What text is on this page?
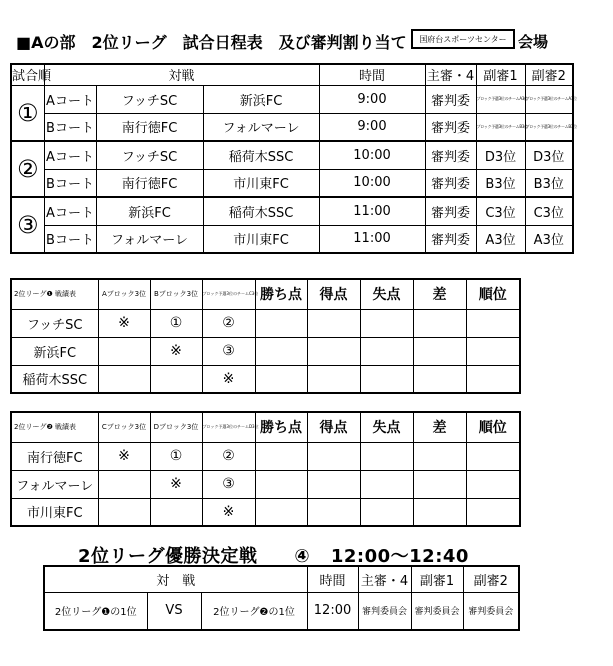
■Aの部　2位リーグ　試合日程表　及び審判割り当て	国府台スポーツセンター 会場
試合順	対戦			時間	主審・4	副審1	副審2
①	Aコート	フッチSC	新浜FC	9:00	審判委	ブロック予選3位のチームA3位	ブロック予選3位のチームA3位
	Bコート	南行徳FC	フォルマーレ	9:00	審判委	ブロック予選3位のチームB3位	ブロック予選3位のチームB3位
②	Aコート	フッチSC	稲荷木SSC	10:00	審判委	D3位	D3位
	Bコート	南行徳FC	市川東FC	10:00	審判委	B3位	B3位
③	Aコート	新浜FC	稲荷木SSC	11:00	審判委	C3位	C3位
	Bコート	フォルマーレ	市川東FC	11:00	審判委	A3位	A3位
2位リーグ❶ 戦績表	Aブロック3位	Bブロック3位	ブロック予選3位のチームC3位	勝ち点	得点	失点	差	順位
フッチSC	※	①	②					
新浜FC		※	③					
稲荷木SSC			※					
2位リーグ❷ 戦績表	Cブロック3位	Dブロック3位	ブロック予選3位のチームD3位	勝ち点	得点	失点	差	順位
南行徳FC	※	①	②					
フォルマーレ		※	③					
市川東FC			※					
2位リーグ優勝決定戦 ④ 12:00〜12:40
対　戦			時間	主審・4	副審1	副審2
2位リーグ❶の1位	VS	2位リーグ❷の1位	12:00	審判委員会	審判委員会	審判委員会
